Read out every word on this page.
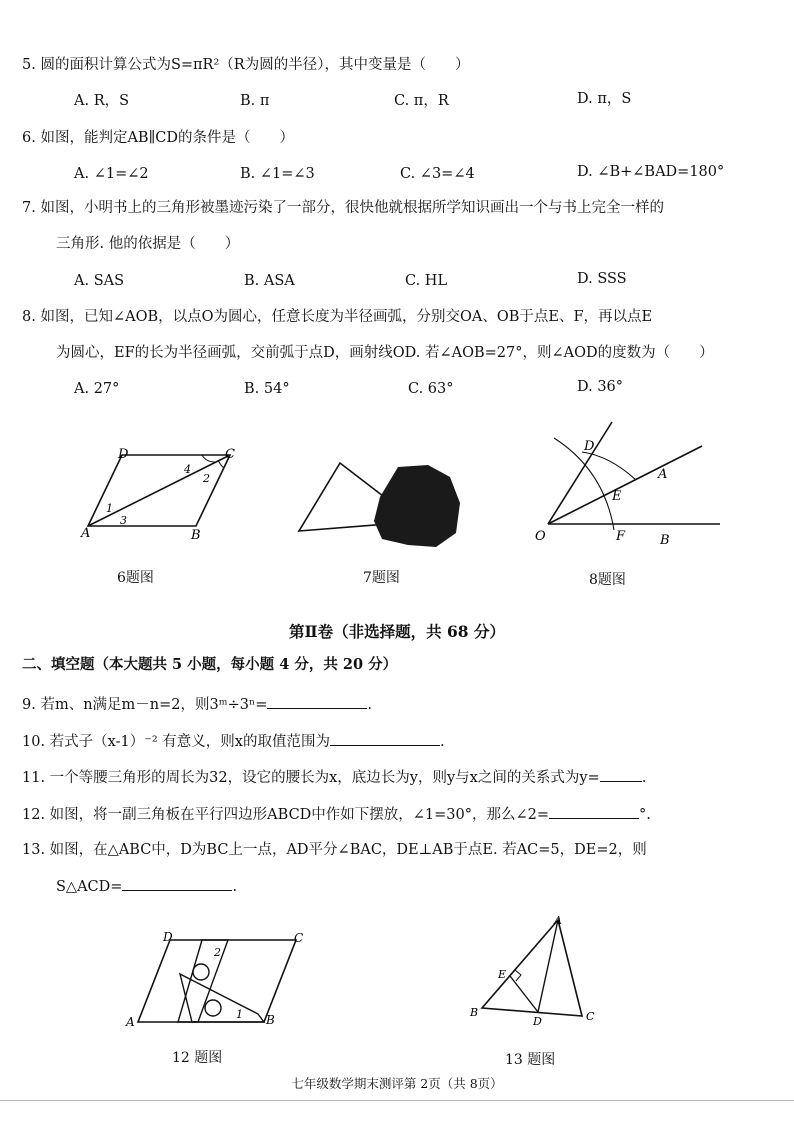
5. 圆的面积计算公式为S=πR²（R为圆的半径），其中变量是（　　）
A. R，S	B. π	C. π，R	D. π，S
6. 如图，能判定AB∥CD的条件是（　　）
A. ∠1=∠2	B. ∠1=∠3	C. ∠3=∠4	D. ∠B+∠BAD=180°
7. 如图，小明书上的三角形被墨迹污染了一部分，很快他就根据所学知识画出一个与书上完全一样的
三角形. 他的依据是（　　）
A. SAS	B. ASA	C. HL	D. SSS
8. 如图，已知∠AOB，以点O为圆心，任意长度为半径画弧，分别交OA、OB于点E、F，再以点E
为圆心，EF的长为半径画弧，交前弧于点D，画射线OD. 若∠AOB=27°，则∠AOD的度数为（　　）
A. 27°	B. 54°	C. 63°	D. 36°
D	C
A	B
1
2
3
4
6题图	7题图
D
A
E
O	F	B
8题图
第Ⅱ卷（非选择题，共 68 分）
二、填空题（本大题共 5 小题，每小题 4 分，共 20 分）
9. 若m、n满足m－n=2，则3ᵐ÷3ⁿ=	.
10. 若式子（x-1）⁻² 有意义，则x的取值范围为	.
11. 一个等腰三角形的周长为32，设它的腰长为x，底边长为y，则y与x之间的关系式为y=	.
12. 如图，将一副三角板在平行四边形ABCD中作如下摆放，∠1=30°，那么∠2=	°.
13. 如图，在△ABC中，D为BC上一点，AD平分∠BAC，DE⊥AB于点E. 若AC=5，DE=2，则
S△ACD=	.
D	C
A	B
2
1
12 题图
A
E
B
D	C
13 题图
七年级数学期末测评第 2页（共 8页）
